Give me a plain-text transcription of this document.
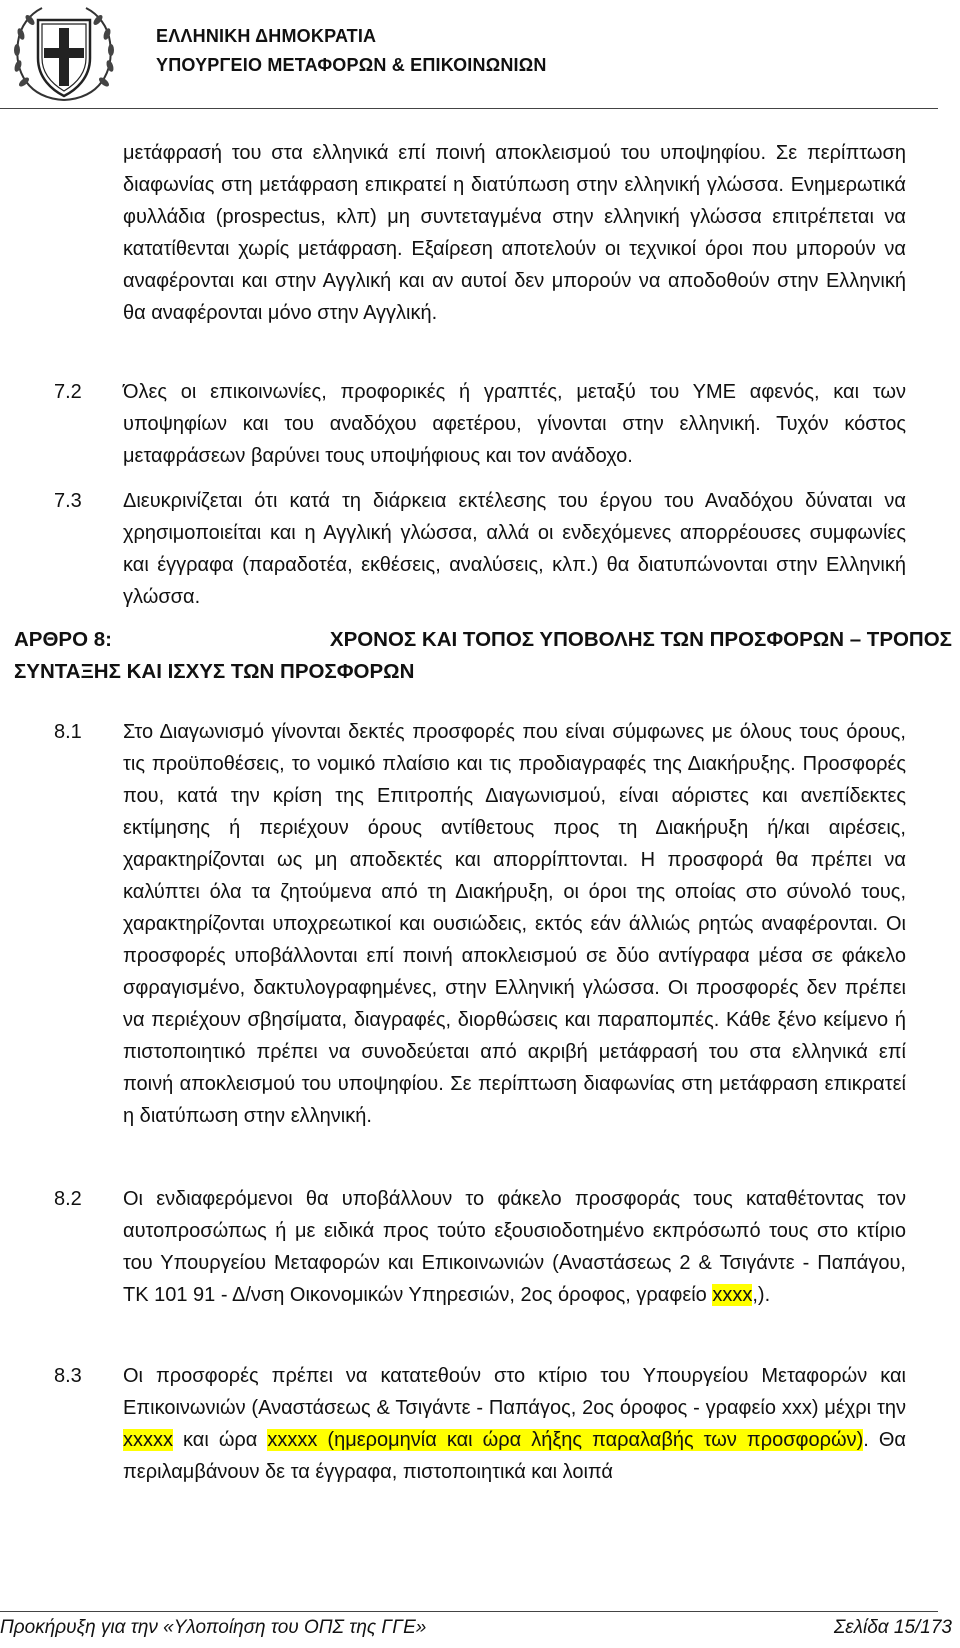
ΕΛΛΗΝΙΚΗ ΔΗΜΟΚΡΑΤΙΑ
ΥΠΟΥΡΓΕΙΟ ΜΕΤΑΦΟΡΩΝ & ΕΠΙΚΟΙΝΩΝΙΩΝ
μετάφρασή του στα ελληνικά επί ποινή αποκλεισμού του υποψηφίου. Σε περίπτωση διαφωνίας στη μετάφραση επικρατεί η διατύπωση στην ελληνική γλώσσα. Ενημερωτικά φυλλάδια (prospectus, κλπ) μη συντεταγμένα στην ελληνική γλώσσα επιτρέπεται να κατατίθενται χωρίς μετάφραση. Εξαίρεση αποτελούν οι τεχνικοί όροι που μπορούν να αναφέρονται και στην Αγγλική και αν αυτοί δεν μπορούν να αποδοθούν στην Ελληνική θα αναφέρονται μόνο στην Αγγλική.
7.2 Όλες οι επικοινωνίες, προφορικές ή γραπτές, μεταξύ του ΥΜΕ αφενός, και των υποψηφίων και του αναδόχου αφετέρου, γίνονται στην ελληνική. Τυχόν κόστος μεταφράσεων βαρύνει τους υποψήφιους και τον ανάδοχο.
7.3 Διευκρινίζεται ότι κατά τη διάρκεια εκτέλεσης του έργου του Αναδόχου δύναται να χρησιμοποιείται και η Αγγλική γλώσσα, αλλά οι ενδεχόμενες απορρέουσες συμφωνίες και έγγραφα (παραδοτέα, εκθέσεις, αναλύσεις, κλπ.) θα διατυπώνονται στην Ελληνική γλώσσα.
ΑΡΘΡΟ 8:	ΧΡΟΝΟΣ ΚΑΙ ΤΟΠΟΣ ΥΠΟΒΟΛΗΣ ΤΩΝ ΠΡΟΣΦΟΡΩΝ – ΤΡΟΠΟΣ
ΣΥΝΤΑΞΗΣ ΚΑΙ ΙΣΧΥΣ ΤΩΝ ΠΡΟΣΦΟΡΩΝ
8.1 Στο Διαγωνισμό γίνονται δεκτές προσφορές που είναι σύμφωνες με όλους τους όρους, τις προϋποθέσεις, το νομικό πλαίσιο και τις προδιαγραφές της Διακήρυξης. Προσφορές που, κατά την κρίση της Επιτροπής Διαγωνισμού, είναι αόριστες και ανεπίδεκτες εκτίμησης ή περιέχουν όρους αντίθετους προς τη Διακήρυξη ή/και αιρέσεις, χαρακτηρίζονται ως μη αποδεκτές και απορρίπτονται. Η προσφορά θα πρέπει να καλύπτει όλα τα ζητούμενα από τη Διακήρυξη, οι όροι της οποίας στο σύνολό τους, χαρακτηρίζονται υποχρεωτικοί και ουσιώδεις, εκτός εάν άλλιώς ρητώς αναφέρονται. Οι προσφορές υποβάλλονται επί ποινή αποκλεισμού σε δύο αντίγραφα μέσα σε φάκελο σφραγισμένο, δακτυλογραφημένες, στην Ελληνική γλώσσα. Οι προσφορές δεν πρέπει να περιέχουν σβησίματα, διαγραφές, διορθώσεις και παραπομπές. Κάθε ξένο κείμενο ή πιστοποιητικό πρέπει να συνοδεύεται από ακριβή μετάφρασή του στα ελληνικά επί ποινή αποκλεισμού του υποψηφίου. Σε περίπτωση διαφωνίας στη μετάφραση επικρατεί η διατύπωση στην ελληνική.
8.2 Οι ενδιαφερόμενοι θα υποβάλλουν το φάκελο προσφοράς τους καταθέτοντας τον αυτοπροσώπως ή με ειδικά προς τούτο εξουσιοδοτημένο εκπρόσωπό τους στο κτίριο του Υπουργείου Μεταφορών και Επικοινωνιών (Αναστάσεως 2 & Τσιγάντε - Παπάγου, ΤΚ 101 91 - Δ/νση Οικονομικών Υπηρεσιών, 2ος όροφος, γραφείο xxxx,).
8.3 Οι προσφορές πρέπει να κατατεθούν στο κτίριο του Υπουργείου Μεταφορών και Επικοινωνιών (Αναστάσεως & Τσιγάντε - Παπάγος, 2ος όροφος - γραφείο xxx) μέχρι την xxxxx και ώρα xxxxx (ημερομηνία και ώρα λήξης παραλαβής των προσφορών). Θα περιλαμβάνουν δε τα έγγραφα, πιστοποιητικά και λοιπά
Προκήρυξη για την «Υλοποίηση του ΟΠΣ της ΓΓΕ»	Σελίδα 15/173
